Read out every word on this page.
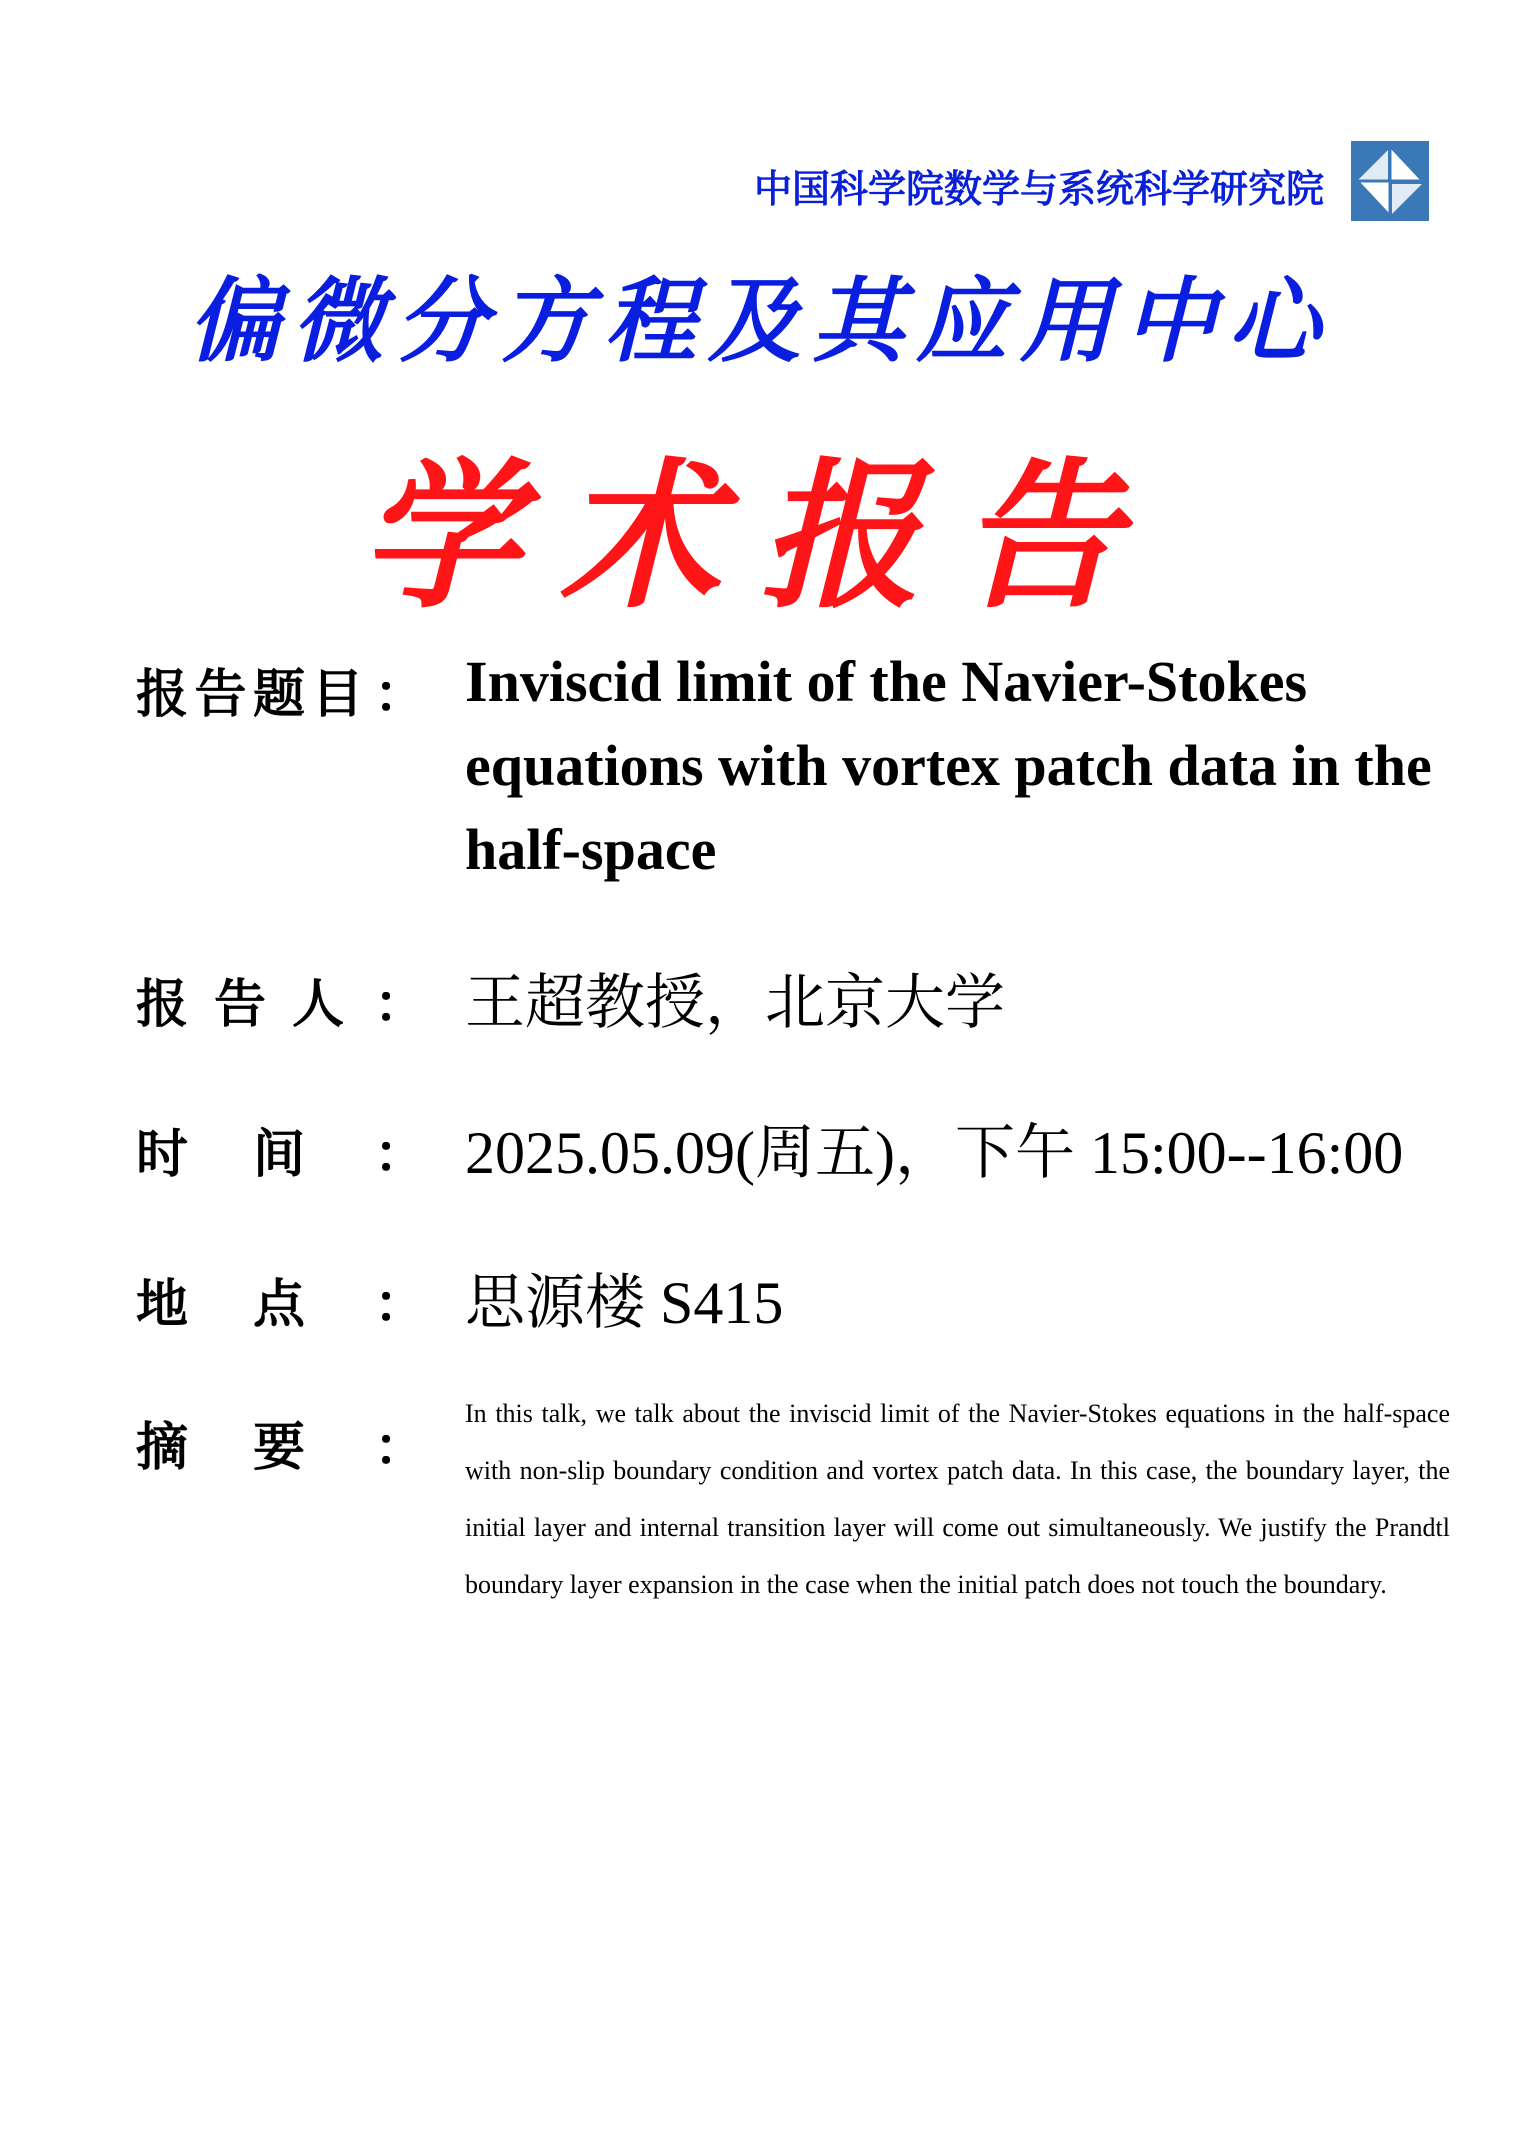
中国科学院数学与系统科学研究院
偏微分方程及其应用中心
学术报告
报 告 题 目 ： Inviscid limit of the Navier-Stokes equations with vortex patch data in the half-space
报 告 人 ： 王超教授，北京大学
时 间 ： 2025.05.09(周五)，下午 15:00--16:00
地 点 ： 思源楼 S415
摘 要 ：
In this talk, we talk about the inviscid limit of the Navier-Stokes equations in the half-space with non-slip boundary condition and vortex patch data. In this case, the boundary layer, the initial layer and internal transition layer will come out simultaneously. We justify the Prandtl boundary layer expansion in the case when the initial patch does not touch the boundary.
